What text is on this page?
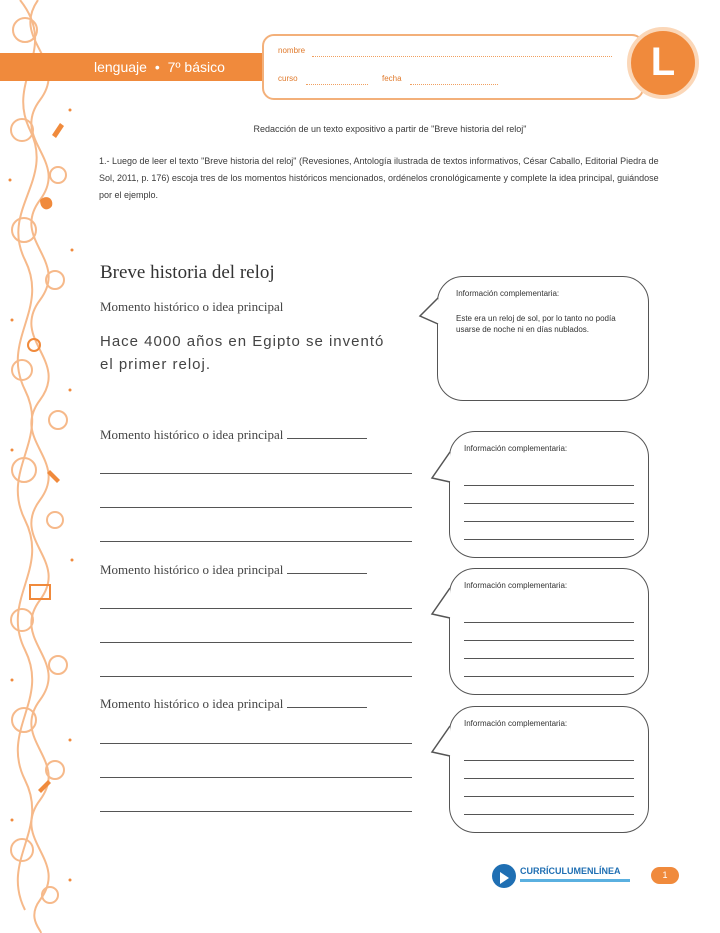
lenguaje • 7º básico
nombre
curso	fecha	L
Redacción de un texto expositivo a partir de "Breve historia del reloj"
1.- Luego de leer el texto "Breve historia del reloj" (Revesiones, Antología ilustrada de textos informativos, César Caballo, Editorial Piedra de Sol, 2011, p. 176) escoja tres de los momentos históricos mencionados, ordénelos cronológicamente y complete la idea principal, guiándose por el ejemplo.
Breve historia del reloj
Momento histórico o idea principal
Hace 4000 años en Egipto se inventó el primer reloj.
Información complementaria:
Este era un reloj de sol, por lo tanto no podía usarse de noche ni en días nublados.
Momento histórico o idea principal
Información complementaria:
Momento histórico o idea principal
Información complementaria:
Momento histórico o idea principal
Información complementaria:
CURRÍCULUMENLÍNEA	1
